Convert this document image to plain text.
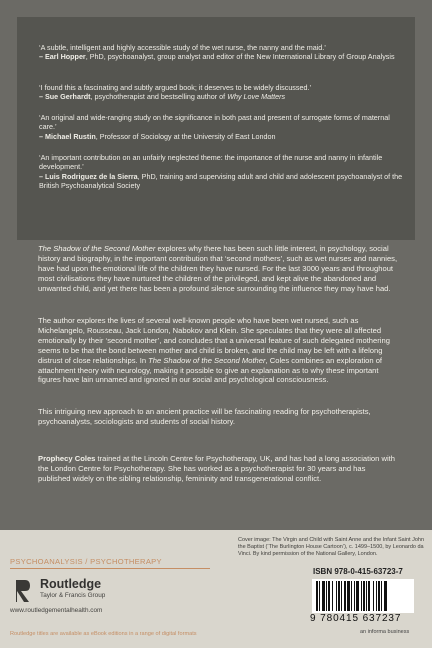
‘A subtle, intelligent and highly accessible study of the wet nurse, the nanny and the maid.’
– Earl Hopper, PhD, psychoanalyst, group analyst and editor of the New International Library of Group Analysis
‘I found this a fascinating and subtly argued book; it deserves to be widely discussed.’
– Sue Gerhardt, psychotherapist and bestselling author of Why Love Matters
‘An original and wide-ranging study on the significance in both past and present of surrogate forms of maternal care.’
– Michael Rustin, Professor of Sociology at the University of East London
‘An important contribution on an unfairly neglected theme: the importance of the nurse and nanny in infantile development.’
– Luis Rodriguez de la Sierra, PhD, training and supervising adult and child and adolescent psychoanalyst of the British Psychoanalytical Society

The Shadow of the Second Mother explores why there has been such little interest, in psychology, social history and biography, in the important contribution that ‘second mothers’, such as wet nurses and nannies, have had upon the emotional life of the children they have nursed. For the last 3000 years and throughout most civilisations they have nurtured the children of the privileged, and kept alive the abandoned and unwanted child, and yet there has been a profound silence surrounding the influence they may have had.

The author explores the lives of several well-known people who have been wet nursed, such as Michelangelo, Rousseau, Jack London, Nabokov and Klein. She speculates that they were all affected emotionally by their ‘second mother’, and concludes that a universal feature of such delegated mothering seems to be that the bond between mother and child is broken, and the child may be left with a lifelong distrust of close relationships. In The Shadow of the Second Mother, Coles combines an exploration of attachment theory with neurology, making it possible to give an explanation as to why these important figures have lain unnamed and ignored in our social and psychological consciousness.

This intriguing new approach to an ancient practice will be fascinating reading for psychotherapists, psychoanalysts, sociologists and students of social history.

Prophecy Coles trained at the Lincoln Centre for Psychotherapy, UK, and has had a long association with the London Centre for Psychotherapy. She has worked as a psychotherapist for 30 years and has published widely on the sibling relationship, femininity and transgenerational conflict.

PSYCHOANALYSIS / PSYCHOTHERAPY
Routledge
Taylor & Francis Group
www.routledgementalhealth.com
Routledge titles are available as eBook editions in a range of digital formats
Cover image: The Virgin and Child with Saint Anne and the Infant Saint John the Baptist (‘The Burlington House Cartoon’), c. 1499–1500, by Leonardo da Vinci. By kind permission of the National Gallery, London.
ISBN 978-0-415-63723-7
9 780415 637237
an informa business
